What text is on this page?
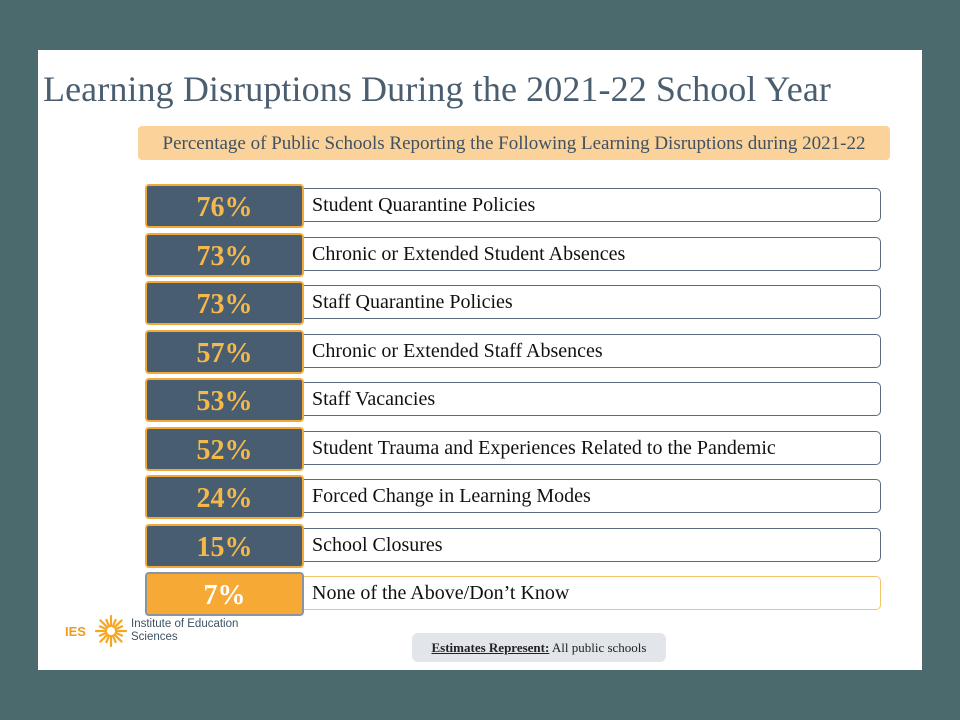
Learning Disruptions During the 2021-22 School Year
Percentage of Public Schools Reporting the Following Learning Disruptions during 2021-22
Student Quarantine Policies
76%
Chronic or Extended Student Absences
73%
Staff Quarantine Policies
73%
Chronic or Extended Staff Absences
57%
Staff Vacancies
53%
Student Trauma and Experiences Related to the Pandemic
52%
Forced Change in Learning Modes
24%
School Closures
15%
None of the Above/Don’t Know
7%
IES	Institute of Education Sciences
Estimates Represent: All public schools
